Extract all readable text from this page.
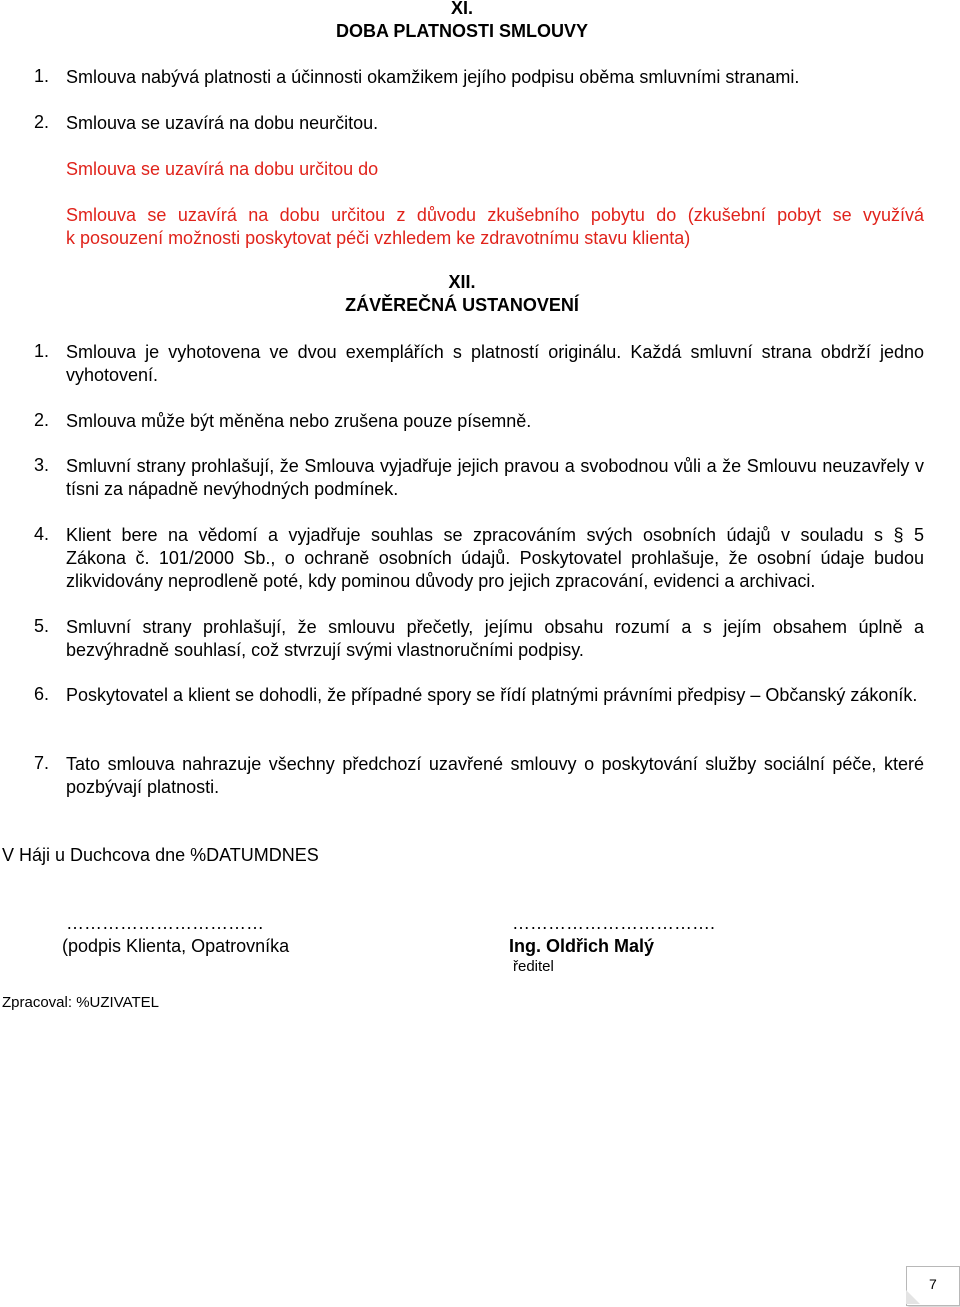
XI.
DOBA PLATNOSTI SMLOUVY
1. Smlouva nabývá platnosti a účinnosti okamžikem jejího podpisu oběma smluvními stranami.
2. Smlouva se uzavírá na dobu neurčitou.
Smlouva se uzavírá na dobu určitou do
Smlouva se uzavírá na dobu určitou z důvodu zkušebního pobytu do (zkušební pobyt se využívá
k posouzení možnosti poskytovat péči vzhledem ke zdravotnímu stavu klienta)
XII.
ZÁVĚREČNÁ USTANOVENÍ
1. Smlouva je vyhotovena ve dvou exemplářích s platností originálu. Každá smluvní strana obdrží jedno vyhotovení.
2. Smlouva může být měněna nebo zrušena pouze písemně.
3. Smluvní strany prohlašují, že Smlouva vyjadřuje jejich pravou a svobodnou vůli a že Smlouvu neuzavřely v tísni za nápadně nevýhodných podmínek.
4. Klient bere na vědomí a vyjadřuje souhlas se zpracováním svých osobních údajů v souladu s § 5
Zákona č. 101/2000 Sb., o ochraně osobních údajů. Poskytovatel prohlašuje, že osobní údaje budou
zlikvidovány neprodleně poté, kdy pominou důvody pro jejich zpracování, evidenci a archivaci.
5. Smluvní strany prohlašují, že smlouvu přečetly, jejímu obsahu rozumí a s jejím obsahem úplně a bezvýhradně souhlasí, což stvrzují svými vlastnoručními podpisy.
6. Poskytovatel a klient se dohodli, že případné spory se řídí platnými právními předpisy – Občanský zákoník.
7. Tato smlouva nahrazuje všechny předchozí uzavřené smlouvy o poskytování služby sociální péče, které pozbývají platnosti.
V Háji u Duchcova dne %DATUMDNES
……………………………
(podpis Klienta, Opatrovníka
…………………………….
Ing. Oldřich Malý
ředitel
Zpracoval: %UZIVATEL
7
